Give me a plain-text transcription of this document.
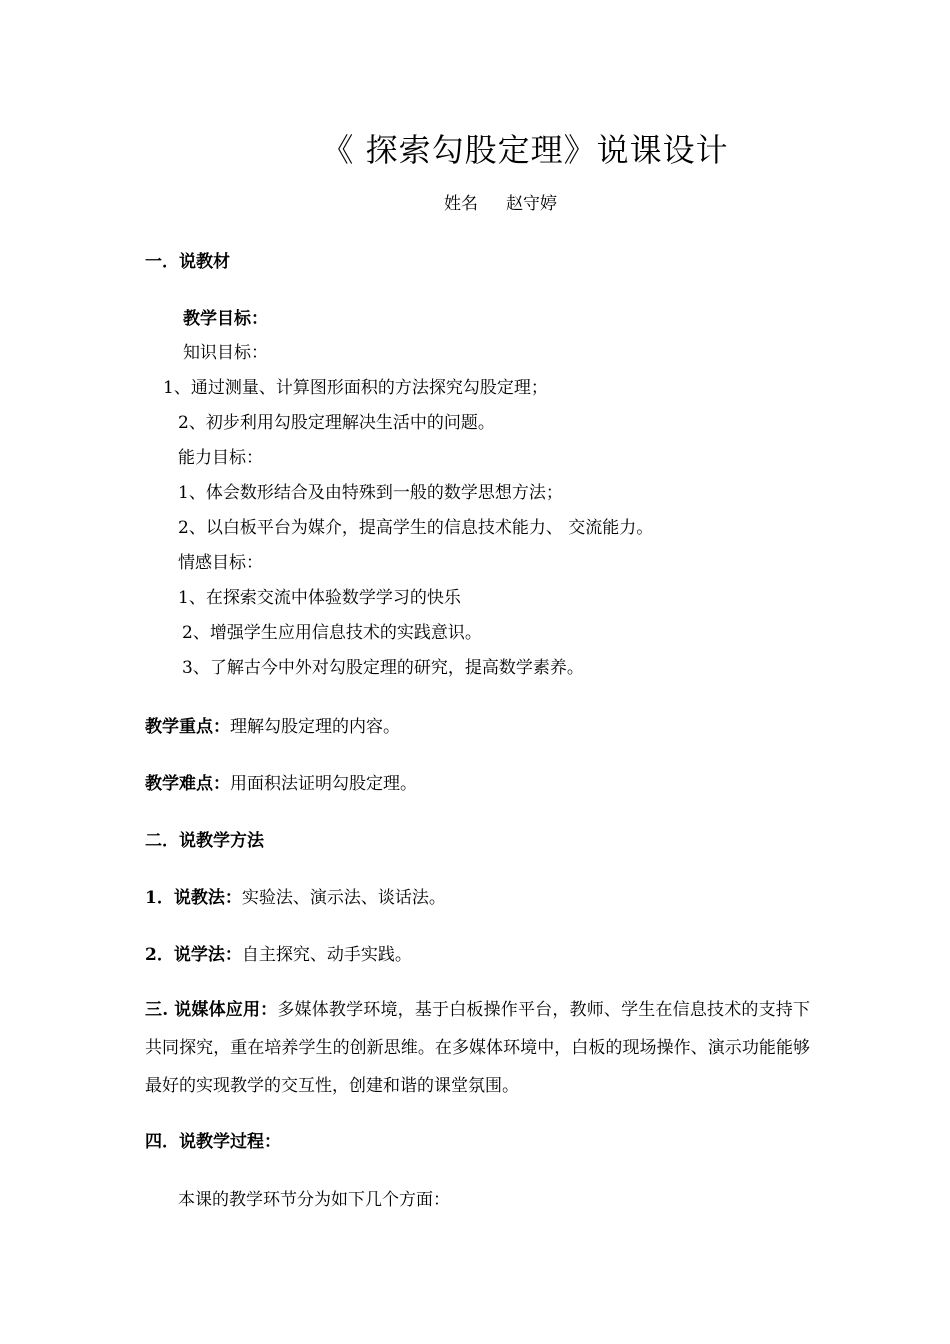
《 探索勾股定理》说课设计
姓名 赵守婷
一．说教材
教学目标：
知识目标：
1、通过测量、计算图形面积的方法探究勾股定理；
2、初步利用勾股定理解决生活中的问题。
能力目标：
1、体会数形结合及由特殊到一般的数学思想方法；
2、以白板平台为媒介，提高学生的信息技术能力、 交流能力。
情感目标：
1、在探索交流中体验数学学习的快乐
2、增强学生应用信息技术的实践意识。
3、了解古今中外对勾股定理的研究，提高数学素养。
教学重点：理解勾股定理的内容。
教学难点：用面积法证明勾股定理。
二．说教学方法
1．说教法：实验法、演示法、谈话法。
2．说学法：自主探究、动手实践。
三. 说媒体应用：多媒体教学环境，基于白板操作平台，教师、学生在信息技术的支持下共同探究，重在培养学生的创新思维。在多媒体环境中，白板的现场操作、演示功能能够最好的实现教学的交互性，创建和谐的课堂氛围。
四．说教学过程：
本课的教学环节分为如下几个方面：
